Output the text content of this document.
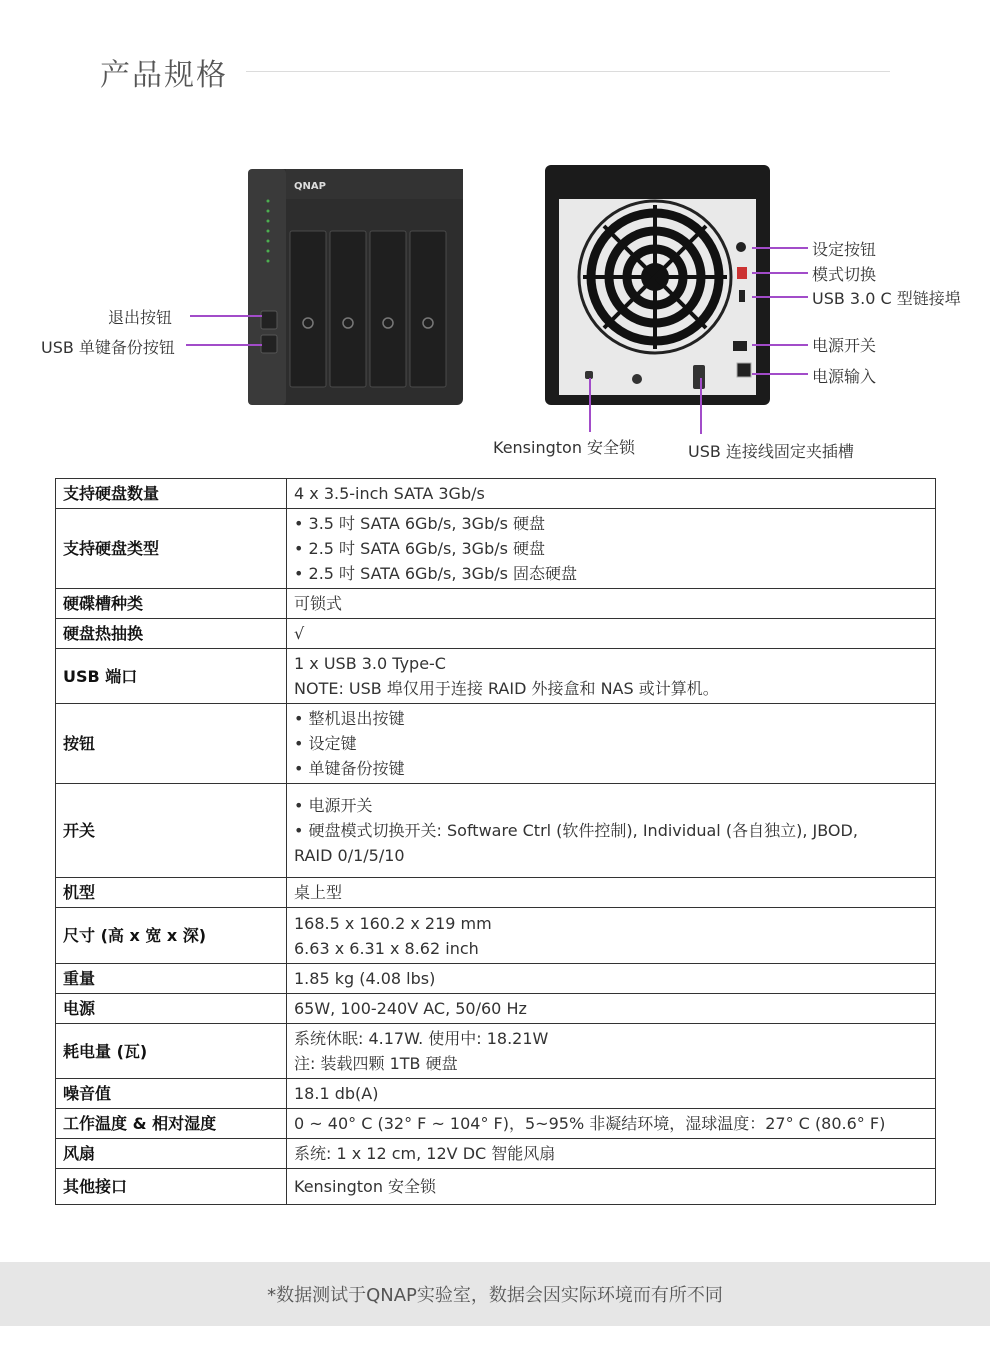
产品规格
QNAP
退出按钮
USB 单键备份按钮
设定按钮
模式切换
USB 3.0 C 型链接埠
电源开关
电源输入
Kensington 安全锁	USB 连接线固定夹插槽
支持硬盘数量	4 x 3.5-inch SATA 3Gb/s

支持硬盘类型	• 3.5 吋 SATA 6Gb/s, 3Gb/s 硬盘
• 2.5 吋 SATA 6Gb/s, 3Gb/s 硬盘
• 2.5 吋 SATA 6Gb/s, 3Gb/s 固态硬盘

硬碟槽种类	可锁式

硬盘热抽换	√

USB 端口	1 x USB 3.0 Type-C
NOTE: USB 埠仅用于连接 RAID 外接盒和 NAS 或计算机。

按钮	• 整机退出按键
• 设定键
• 单键备份按键

开关	• 电源开关
• 硬盘模式切换开关: Software Ctrl (软件控制), Individual (各自独立), JBOD,
RAID 0/1/5/10

机型	桌上型

尺寸 (高 x 宽 x 深)	168.5 x 160.2 x 219 mm
6.63 x 6.31 x 8.62 inch

重量	1.85 kg (4.08 lbs)

电源	65W, 100-240V AC, 50/60 Hz

耗电量 (瓦)	系统休眠: 4.17W. 使用中: 18.21W
注: 装载四颗 1TB 硬盘

噪音值	18.1 db(A)

工作温度 & 相对湿度	0 ~ 40° C (32° F ~ 104° F)，5~95% 非凝结环境，湿球温度：27° C (80.6° F)

风扇	系统: 1 x 12 cm, 12V DC 智能风扇

其他接口	Kensington 安全锁
*数据测试于QNAP实验室，数据会因实际环境而有所不同
